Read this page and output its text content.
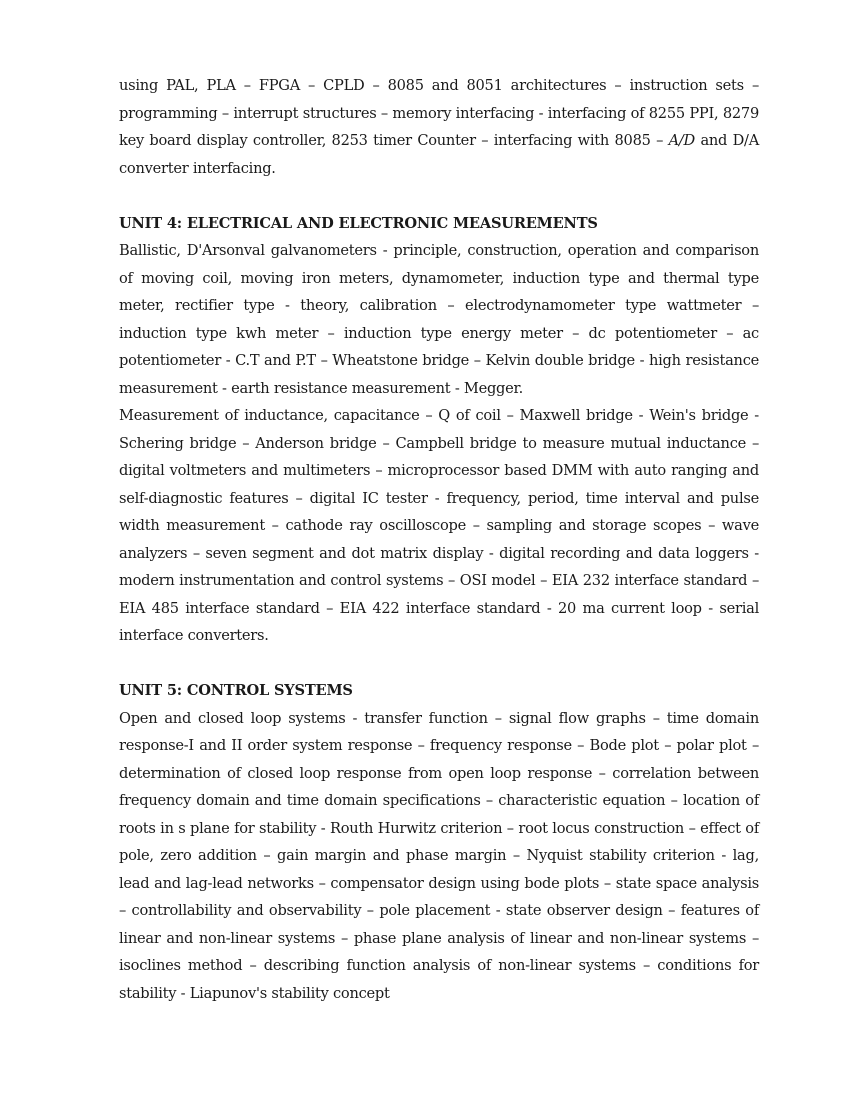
using PAL, PLA – FPGA – CPLD – 8085 and 8051 architectures – instruction sets – programming – interrupt structures – memory interfacing - interfacing of 8255 PPI, 8279 key board display controller, 8253 timer Counter – interfacing with 8085 – A/D and D/A converter interfacing.

UNIT 4: ELECTRICAL AND ELECTRONIC MEASUREMENTS

Ballistic, D'Arsonval galvanometers - principle, construction, operation and comparison of moving coil, moving iron meters, dynamometer, induction type and thermal type meter, rectifier type - theory, calibration – electrodynamometer type wattmeter – induction type kwh meter – induction type energy meter – dc potentiometer – ac potentiometer - C.T and P.T – Wheatstone bridge – Kelvin double bridge - high resistance measurement - earth resistance measurement - Megger.

Measurement of inductance, capacitance – Q of coil – Maxwell bridge - Wein's bridge - Schering bridge – Anderson bridge – Campbell bridge to measure mutual inductance – digital voltmeters and multimeters – microprocessor based DMM with auto ranging and self-diagnostic features – digital IC tester - frequency, period, time interval and pulse width measurement – cathode ray oscilloscope – sampling and storage scopes – wave analyzers – seven segment and dot matrix display - digital recording and data loggers - modern instrumentation and control systems – OSI model – EIA 232 interface standard – EIA 485 interface standard – EIA 422 interface standard - 20 ma current loop - serial interface converters.

UNIT 5: CONTROL SYSTEMS

Open and closed loop systems - transfer function – signal flow graphs – time domain response-I and II order system response – frequency response – Bode plot – polar plot – determination of closed loop response from open loop response – correlation between frequency domain and time domain specifications – characteristic equation – location of roots in s plane for stability - Routh Hurwitz criterion – root locus construction – effect of pole, zero addition – gain margin and phase margin – Nyquist stability criterion - lag, lead and lag-lead networks – compensator design using bode plots – state space analysis – controllability and observability – pole placement - state observer design – features of linear and non-linear systems – phase plane analysis of linear and non-linear systems – isoclines method – describing function analysis of non-linear systems – conditions for stability - Liapunov's stability concept
